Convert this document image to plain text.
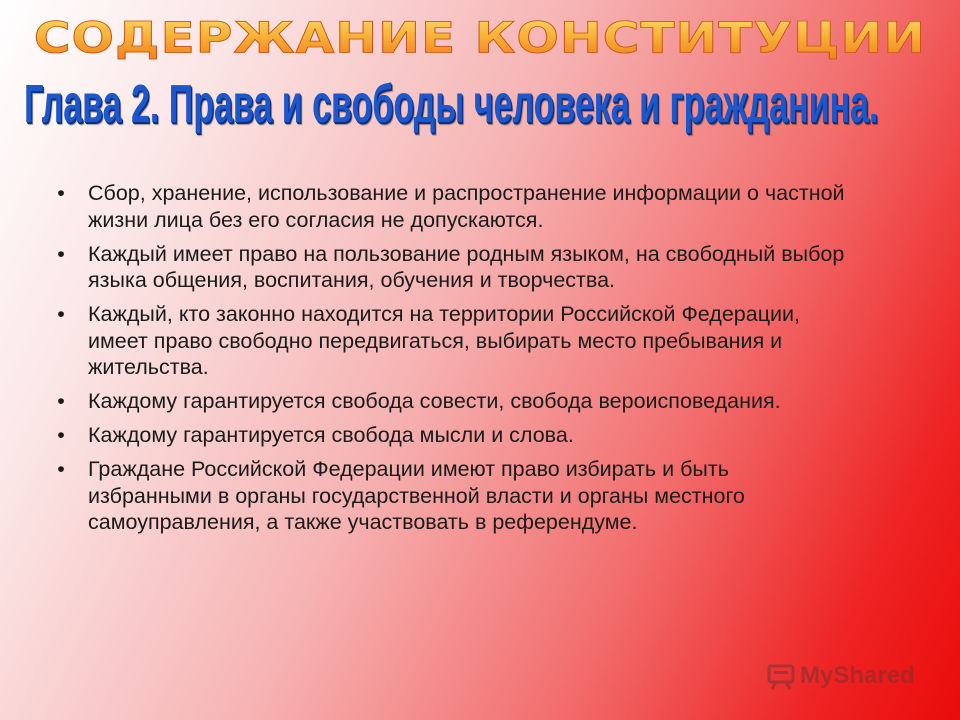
СОДЕРЖАНИЕ КОНСТИТУЦИИ
Глава 2. Права и свободы человека и гражданина.
• Сбор, хранение, использование и распространение информации о частной жизни лица без его согласия не допускаются.
• Каждый имеет право на пользование родным языком, на свободный выбор языка общения, воспитания, обучения и творчества.
• Каждый, кто законно находится на территории Российской Федерации, имеет право свободно передвигаться, выбирать место пребывания и жительства.
• Каждому гарантируется свобода совести, свобода вероисповедания.
• Каждому гарантируется свобода мысли и слова.
• Граждане Российской Федерации имеют право избирать и быть избранными в органы государственной власти и органы местного самоуправления, а также участвовать в референдуме.
MyShared
